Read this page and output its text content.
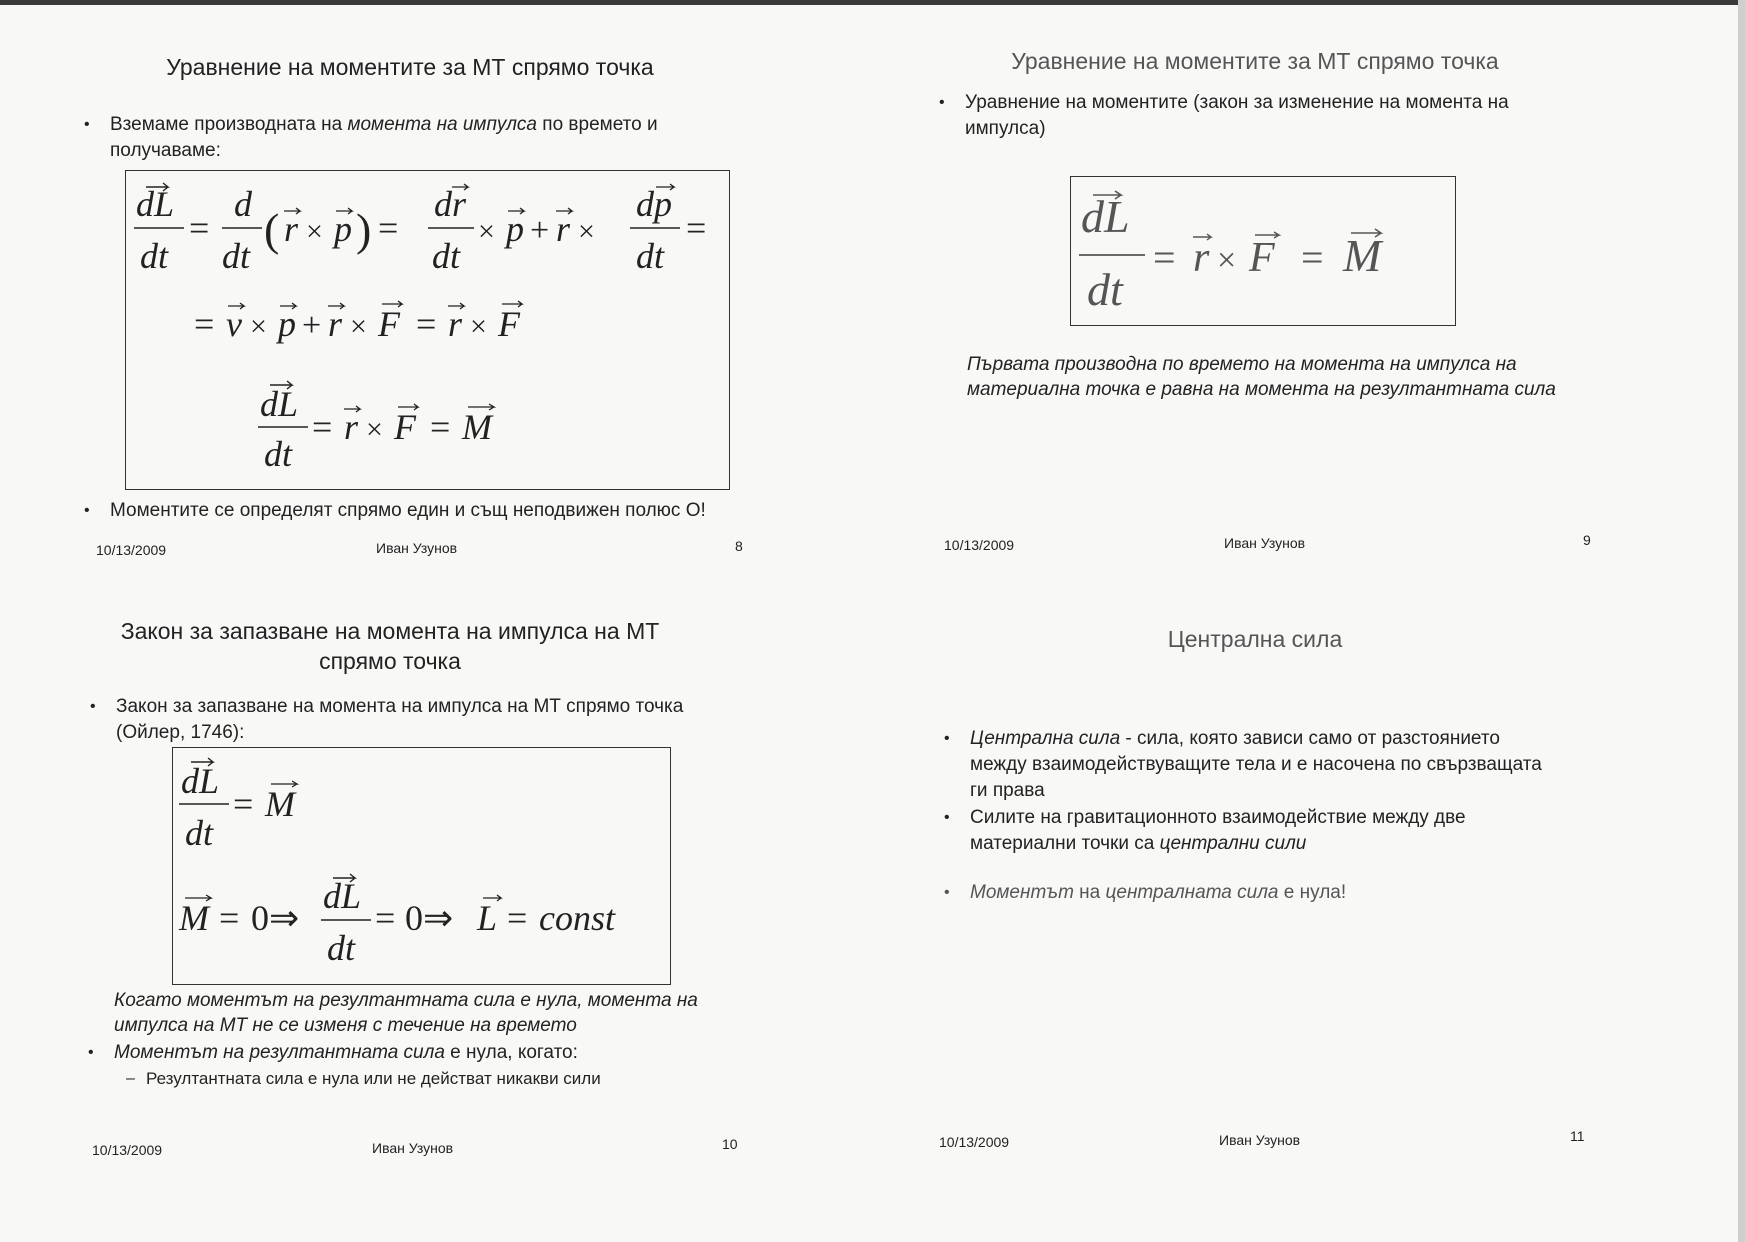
Уравнение на моментите за МТ спрямо точка
• Вземаме производната на момента на импулса по времето и
получаваме:
dL
dt
=
d
dt
( r × p ) =
dr
dt
× p + r ×
dp
dt
=
= v × p + r × F = r × F
dL
dt
= r × F = M
• Моментите се определят спрямо един и същ неподвижен полюс О!
10/13/2009	Иван Узунов	8
Уравнение на моментите за МТ спрямо точка
• Уравнение на моментите (закон за изменение на момента на
импулса)
dL
dt
= r × F = M
Първата производна по времето на момента на импулса на
материална точка е равна на момента на резултантната сила
10/13/2009	Иван Узунов	9
Закон за запазване на момента на импулса на МТ
спрямо точка
• Закон за запазване на момента на импулса на МТ спрямо точка
(Ойлер, 1746):
dL
dt
= M
M = 0 ⇒
dL
dt
= 0 ⇒ L = const
Когато моментът на резултантната сила е нула, момента на
импулса на МТ не се изменя с течение на времето
• Моментът на резултантната сила е нула, когато:
– Резултантната сила е нула или не действат никакви сили
10/13/2009	Иван Узунов	10
Централна сила
• Централна сила - сила, която зависи само от разстоянието
между взаимодействуващите тела и е насочена по свързващата
ги права
• Силите на гравитационното взаимодействие между две
материални точки са централни сили
• Моментът на централната сила е нула!
10/13/2009	Иван Узунов	11
